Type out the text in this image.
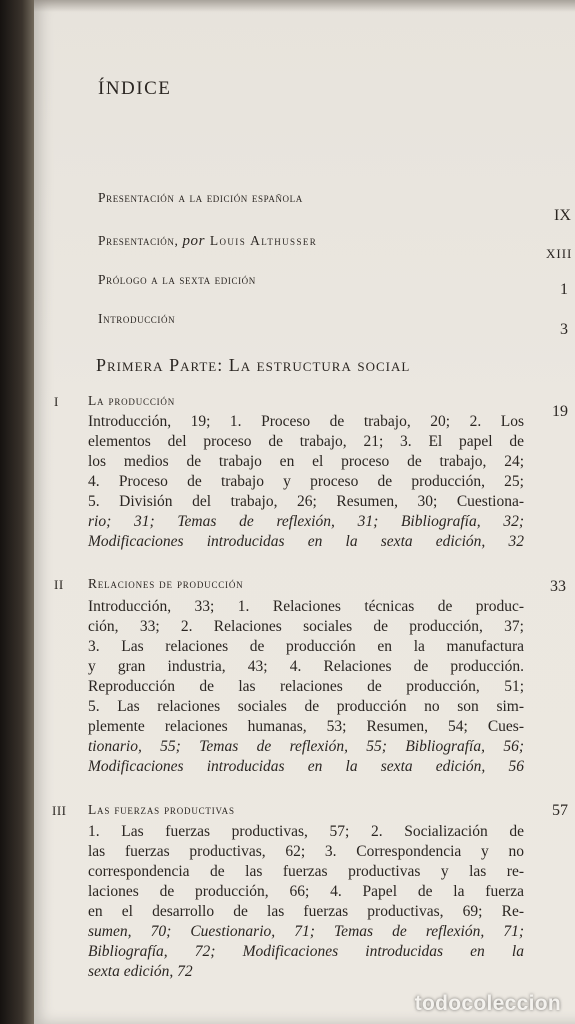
ÍNDICE
Presentación a la edición española
IX
Presentación, por Louis Althusser
XIII
Prólogo a la sexta edición
1
Introducción
3
Primera Parte: La estructura social
I La producción
19
Introducción, 19; 1. Proceso de trabajo, 20; 2. Los
elementos del proceso de trabajo, 21; 3. El papel de
los medios de trabajo en el proceso de trabajo, 24;
4. Proceso de trabajo y proceso de producción, 25;
5. División del trabajo, 26; Resumen, 30; Cuestiona-
rio; 31; Temas de reflexión, 31; Bibliografía, 32;
Modificaciones introducidas en la sexta edición, 32
II Relaciones de producción	33
Introducción, 33; 1. Relaciones técnicas de produc-
ción, 33; 2. Relaciones sociales de producción, 37;
3. Las relaciones de producción en la manufactura
y gran industria, 43; 4. Relaciones de producción.
Reproducción de las relaciones de producción, 51;
5. Las relaciones sociales de producción no son sim-
plemente relaciones humanas, 53; Resumen, 54; Cues-
tionario, 55; Temas de reflexión, 55; Bibliografía, 56;
Modificaciones introducidas en la sexta edición, 56
III Las fuerzas productivas	57
1. Las fuerzas productivas, 57; 2. Socialización de
las fuerzas productivas, 62; 3. Correspondencia y no
correspondencia de las fuerzas productivas y las re-
laciones de producción, 66; 4. Papel de la fuerza
en el desarrollo de las fuerzas productivas, 69; Re-
sumen, 70; Cuestionario, 71; Temas de reflexión, 71;
Bibliografía, 72; Modificaciones introducidas en la
sexta edición, 72
todocoleccion
